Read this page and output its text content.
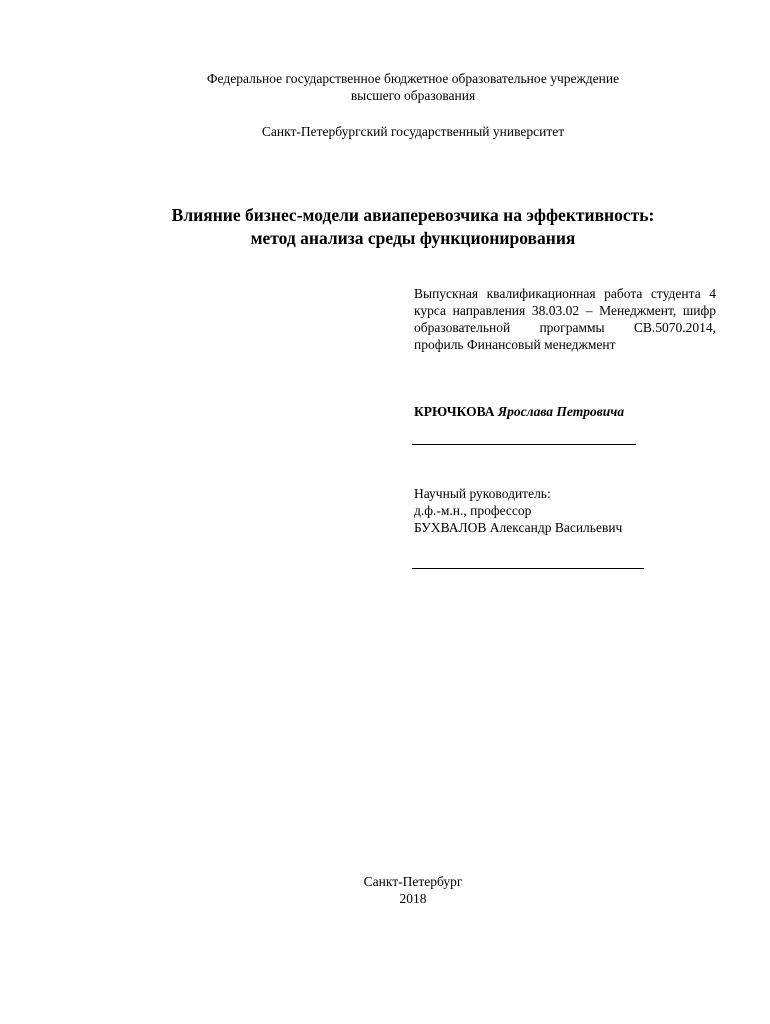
Федеральное государственное бюджетное образовательное учреждение
высшего образования
Санкт-Петербургский государственный университет
Влияние бизнес-модели авиаперевозчика на эффективность:
метод анализа среды функционирования
Выпускная квалификационная работа студента 4 курса направления 38.03.02 – Менеджмент, шифр образовательной программы СВ.5070.2014, профиль Финансовый менеджмент
КРЮЧКОВА Ярослава Петровича
Научный руководитель:
д.ф.-м.н., профессор
БУХВАЛОВ Александр Васильевич
Санкт-Петербург
2018
